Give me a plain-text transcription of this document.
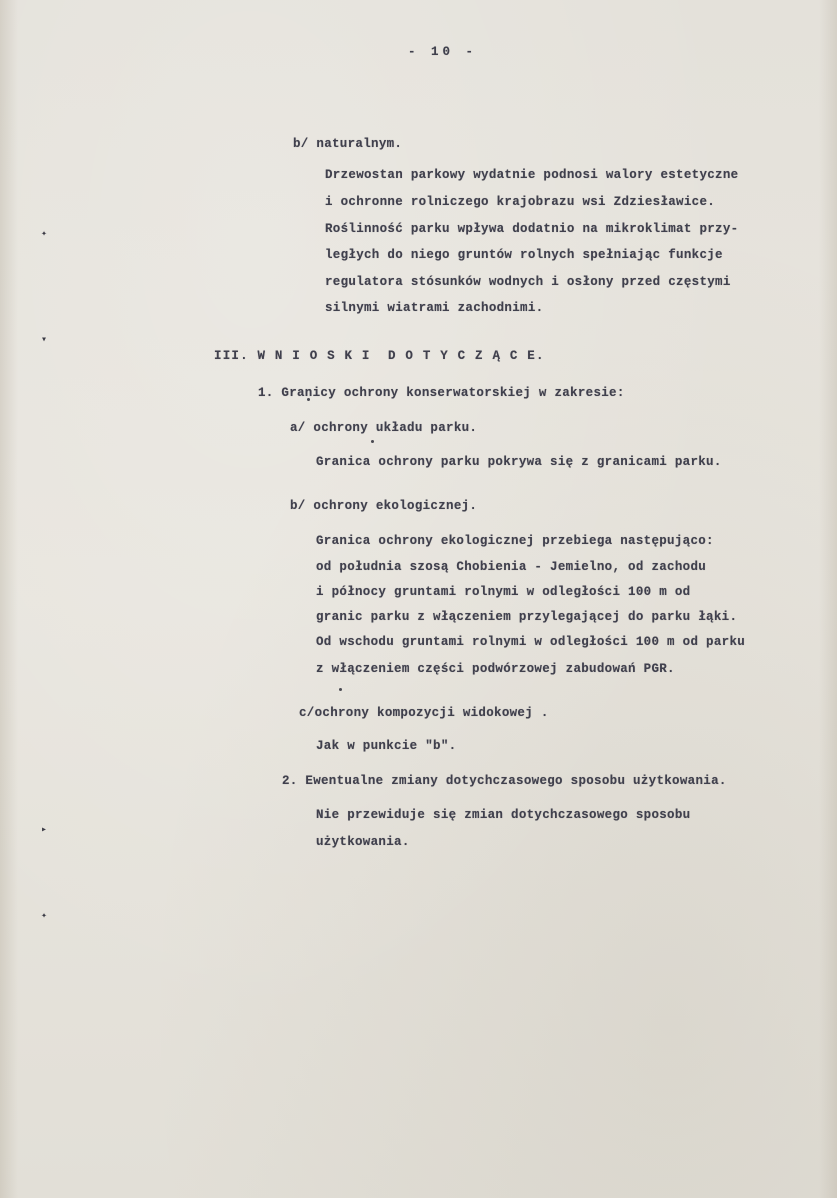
✦
▾
▸
✦
- 10 -
b/ naturalnym.
Drzewostan parkowy wydatnie podnosi walory estetyczne
i ochronne rolniczego krajobrazu wsi Zdziesławice.
Roślinność parku wpływa dodatnio na mikroklimat przy-
ległych do niego gruntów rolnych spełniając funkcje
regulatora stósunków wodnych i osłony przed częstymi
silnymi wiatrami zachodnimi.
III. W N I O S K I  D O T Y C Z Ą C E.
1. Granicy ochrony konserwatorskiej w zakresie:
a/ ochrony układu parku.
Granica ochrony parku pokrywa się z granicami parku.
b/ ochrony ekologicznej.
Granica ochrony ekologicznej przebiega następująco:
od południa szosą Chobienia - Jemielno, od zachodu
i północy gruntami rolnymi w odległości 100 m od
granic parku z włączeniem przylegającej do parku łąki.
Od wschodu gruntami rolnymi w odległości 100 m od parku
z włączeniem części podwórzowej zabudowań PGR.
c/ochrony kompozycji widokowej .
Jak w punkcie "b".
2. Ewentualne zmiany dotychczasowego sposobu użytkowania.
Nie przewiduje się zmian dotychczasowego sposobu
użytkowania.
